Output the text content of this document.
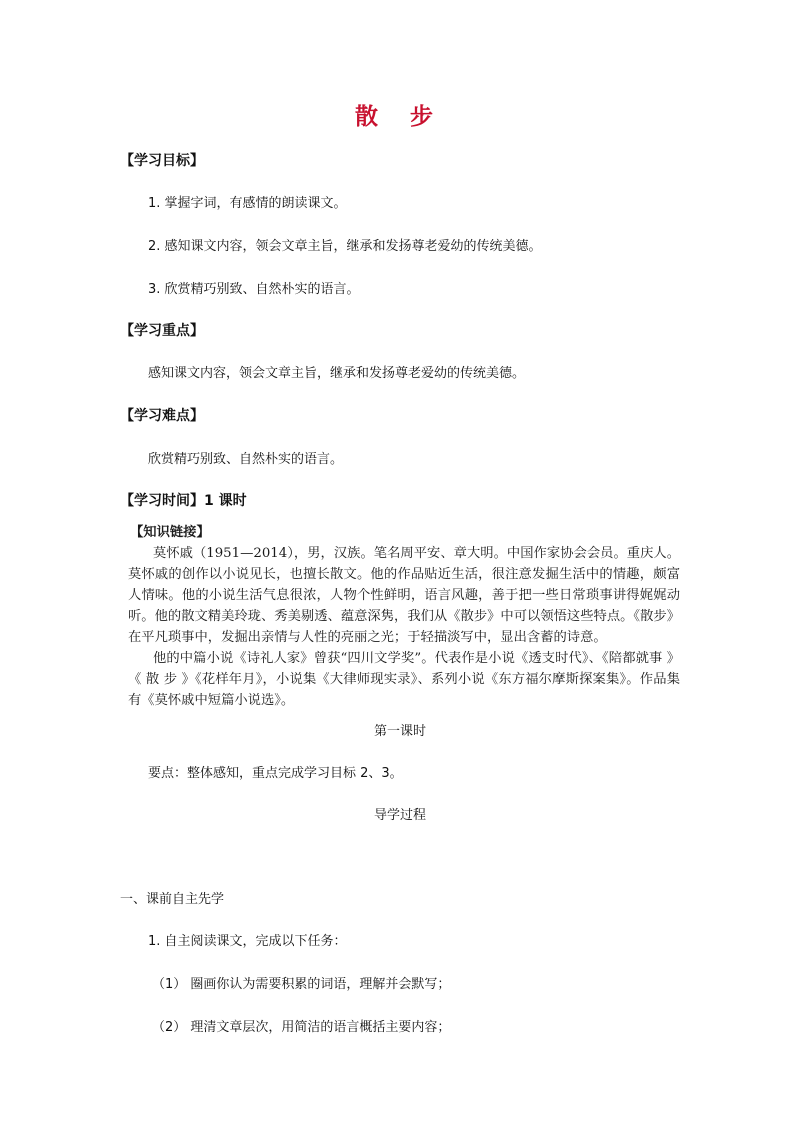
散 步
【学习目标】
1. 掌握字词，有感情的朗读课文。
2. 感知课文内容，领会文章主旨，继承和发扬尊老爱幼的传统美德。
3. 欣赏精巧别致、自然朴实的语言。
【学习重点】
感知课文内容，领会文章主旨，继承和发扬尊老爱幼的传统美德。
【学习难点】
欣赏精巧别致、自然朴实的语言。
【学习时间】1 课时
【知识链接】

莫怀戚（1951—2014），男，汉族。笔名周平安、章大明。中国作家协会会员。重庆人。莫怀戚的创作以小说见长，也擅长散文。他的作品贴近生活，很注意发掘生活中的情趣，颇富人情味。他的小说生活气息很浓，人物个性鲜明，语言风趣，善于把一些日常琐事讲得娓娓动听。他的散文精美玲珑、秀美剔透、蕴意深隽，我们从《散步》中可以领悟这些特点。《散步》在平凡琐事中，发掘出亲情与人性的亮丽之光；于轻描淡写中，显出含蓄的诗意。

他的中篇小说《诗礼人家》曾获“四川文学奖”。代表作是小说《透支时代》、《陪都就事 》《 散 步 》《花样年月》，小说集《大律师现实录》、系列小说《东方福尔摩斯探案集》。作品集有《莫怀戚中短篇小说选》。

第一课时
要点：整体感知，重点完成学习目标 2、3。
导学过程
一、课前自主先学
1. 自主阅读课文，完成以下任务：
（1） 圈画你认为需要积累的词语，理解并会默写；
（2） 理清文章层次，用简洁的语言概括主要内容；
